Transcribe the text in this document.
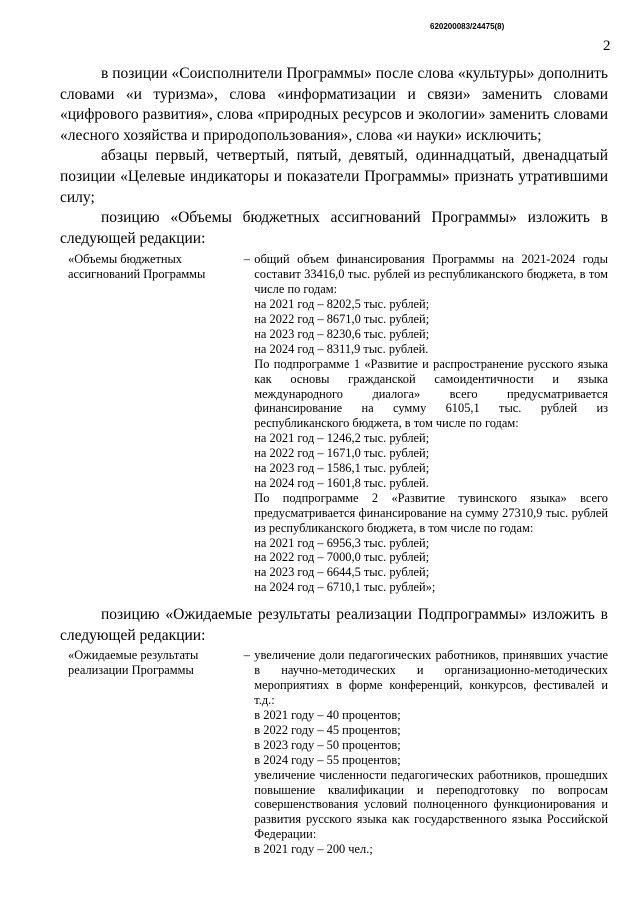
620200083/24475(8)
2

в позиции «Соисполнители Программы» после слова «культуры» дополнить словами «и туризма», слова «информатизации и связи» заменить словами «цифрового развития», слова «природных ресурсов и экологии» заменить словами «лесного хозяйства и природопользования», слова «и науки» исключить;

абзацы первый, четвертый, пятый, девятый, одиннадцатый, двенадцатый позиции «Целевые индикаторы и показатели Программы» признать утратившими силу;

позицию «Объемы бюджетных ассигнований Программы» изложить в следующей редакции:

«Объемы бюджетных ассигнований Программы
– общий объем финансирования Программы на 2021-2024 годы составит 33416,0 тыс. рублей из республиканского бюджета, в том числе по годам:
на 2021 год – 8202,5 тыс. рублей;
на 2022 год – 8671,0 тыс. рублей;
на 2023 год – 8230,6 тыс. рублей;
на 2024 год – 8311,9 тыс. рублей.
По подпрограмме 1 «Развитие и распространение русского языка как основы гражданской самоидентичности и языка международного диалога» всего предусматривается финансирование на сумму 6105,1 тыс. рублей из республиканского бюджета, в том числе по годам:
на 2021 год – 1246,2 тыс. рублей;
на 2022 год – 1671,0 тыс. рублей;
на 2023 год – 1586,1 тыс. рублей;
на 2024 год – 1601,8 тыс. рублей.
По подпрограмме 2 «Развитие тувинского языка» всего предусматривается финансирование на сумму 27310,9 тыс. рублей из республиканского бюджета, в том числе по годам:
на 2021 год – 6956,3 тыс. рублей;
на 2022 год – 7000,0 тыс. рублей;
на 2023 год – 6644,5 тыс. рублей;
на 2024 год – 6710,1 тыс. рублей»;

позицию «Ожидаемые результаты реализации Подпрограммы» изложить в следующей редакции:

«Ожидаемые результаты реализации Программы
– увеличение доли педагогических работников, принявших участие в научно-методических и организационно-методических мероприятиях в форме конференций, конкурсов, фестивалей и т.д.:
в 2021 году – 40 процентов;
в 2022 году – 45 процентов;
в 2023 году – 50 процентов;
в 2024 году – 55 процентов;
увеличение численности педагогических работников, прошедших повышение квалификации и переподготовку по вопросам совершенствования условий полноценного функционирования и развития русского языка как государственного языка Российской Федерации:
в 2021 году – 200 чел.;
